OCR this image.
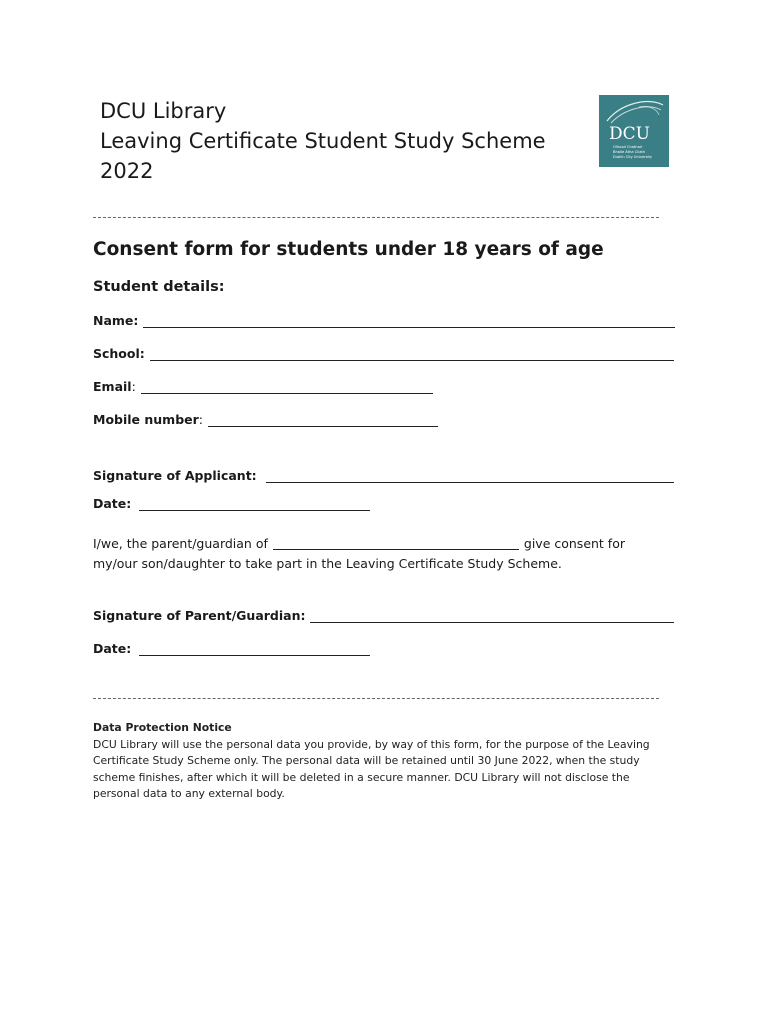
DCU Library
Leaving Certificate Student Study Scheme
2022
DCU
Ollscoil Chathair
Bhaile Átha Cliath
Dublin City University
Consent form for students under 18 years of age
Student details:
Name:
School:
Email:
Mobile number:
Signature of Applicant:
Date:
I/we, the parent/guardian of	give consent for
my/our son/daughter to take part in the Leaving Certificate Study Scheme.
Signature of Parent/Guardian:
Date:
Data Protection Notice
DCU Library will use the personal data you provide, by way of this form, for the purpose of the Leaving Certificate Study Scheme only. The personal data will be retained until 30 June 2022, when the study scheme finishes, after which it will be deleted in a secure manner. DCU Library will not disclose the personal data to any external body.
